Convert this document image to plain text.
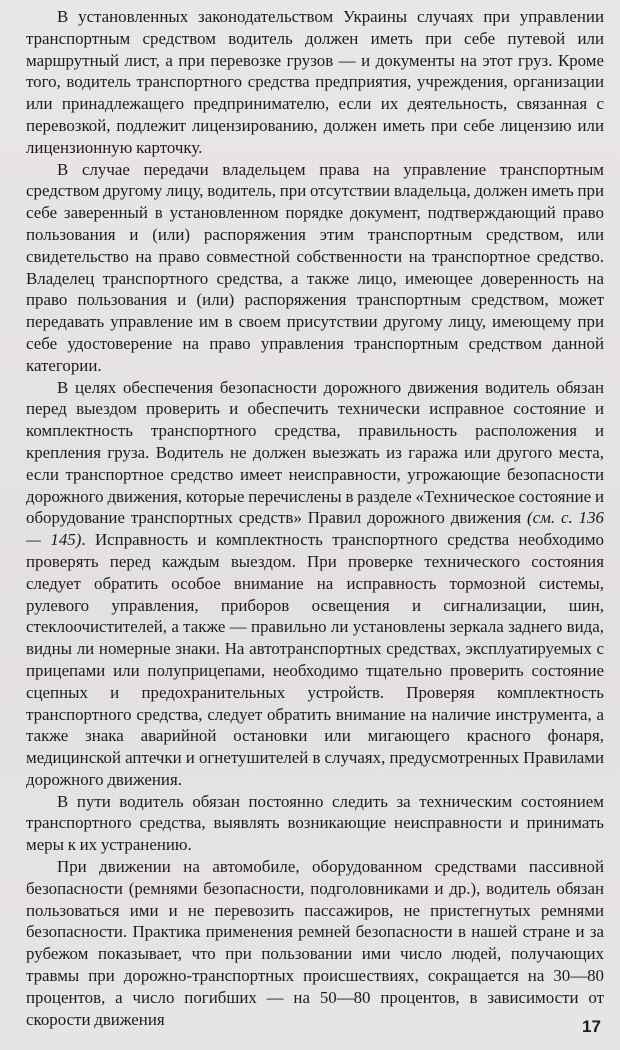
В установленных законодательством Украины случаях при управлении транспортным средством водитель должен иметь при себе путевой или маршрутный лист, а при перевозке грузов — и документы на этот груз. Кроме того, водитель транспортного средства предприятия, учреждения, организации или принадлежащего предпринимателю, если их деятельность, связанная с перевозкой, подлежит лицензированию, должен иметь при себе лицензию или лицензионную карточку.

В случае передачи владельцем права на управление транспортным средством другому лицу, водитель, при отсутствии владельца, должен иметь при себе заверенный в установленном порядке документ, подтверждающий право пользования и (или) распоряжения этим транспортным средством, или свидетельство на право совместной собственности на транспортное средство. Владелец транспортного средства, а также лицо, имеющее доверенность на право пользования и (или) распоряжения транспортным средством, может передавать управление им в своем присутствии другому лицу, имеющему при себе удостоверение на право управления транспортным средством данной категории.

В целях обеспечения безопасности дорожного движения водитель обязан перед выездом проверить и обеспечить технически исправное состояние и комплектность транспортного средства, правильность расположения и крепления груза. Водитель не должен выезжать из гаража или другого места, если транспортное средство имеет неисправности, угрожающие безопасности дорожного движения, которые перечислены в разделе «Техническое состояние и оборудование транспортных средств» Правил дорожного движения (см. с. 136 — 145). Исправность и комплектность транспортного средства необходимо проверять перед каждым выездом. При проверке технического состояния следует обратить особое внимание на исправность тормозной системы, рулевого управления, приборов освещения и сигнализации, шин, стеклоочистителей, а также — правильно ли установлены зеркала заднего вида, видны ли номерные знаки. На автотранспортных средствах, эксплуатируемых с прицепами или полуприцепами, необходимо тщательно проверить состояние сцепных и предохранительных устройств. Проверяя комплектность транспортного средства, следует обратить внимание на наличие инструмента, а также знака аварийной остановки или мигающего красного фонаря, медицинской аптечки и огнетушителей в случаях, предусмотренных Правилами дорожного движения.

В пути водитель обязан постоянно следить за техническим состоянием транспортного средства, выявлять возникающие неисправности и принимать меры к их устранению.

При движении на автомобиле, оборудованном средствами пассивной безопасности (ремнями безопасности, подголовниками и др.), водитель обязан пользоваться ими и не перевозить пассажиров, не пристегнутых ремнями безопасности. Практика применения ремней безопасности в нашей стране и за рубежом показывает, что при пользовании ими число людей, получающих травмы при дорожно-транспортных происшествиях, сокращается на 30—80 процентов, а число погибших — на 50—80 процентов, в зависимости от скорости движения	17
